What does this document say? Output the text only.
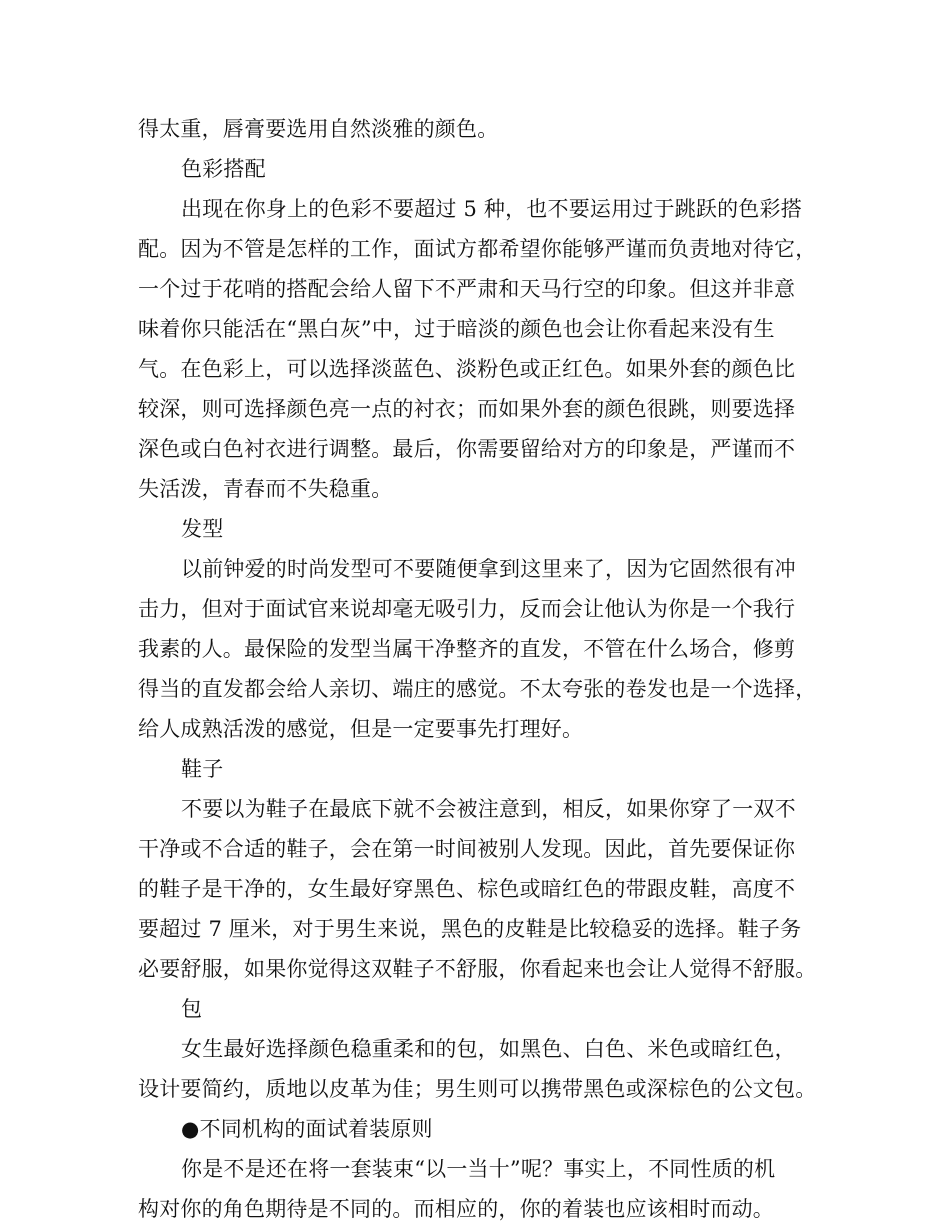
得太重，唇膏要选用自然淡雅的颜色。
色彩搭配
出现在你身上的色彩不要超过 5 种，也不要运用过于跳跃的色彩搭
配。因为不管是怎样的工作，面试方都希望你能够严谨而负责地对待它，
一个过于花哨的搭配会给人留下不严肃和天马行空的印象。但这并非意
味着你只能活在“黑白灰”中，过于暗淡的颜色也会让你看起来没有生
气。在色彩上，可以选择淡蓝色、淡粉色或正红色。如果外套的颜色比
较深，则可选择颜色亮一点的衬衣；而如果外套的颜色很跳，则要选择
深色或白色衬衣进行调整。最后，你需要留给对方的印象是，严谨而不
失活泼，青春而不失稳重。
发型
以前钟爱的时尚发型可不要随便拿到这里来了，因为它固然很有冲
击力，但对于面试官来说却毫无吸引力，反而会让他认为你是一个我行
我素的人。最保险的发型当属干净整齐的直发，不管在什么场合，修剪
得当的直发都会给人亲切、端庄的感觉。不太夸张的卷发也是一个选择，
给人成熟活泼的感觉，但是一定要事先打理好。
鞋子
不要以为鞋子在最底下就不会被注意到，相反，如果你穿了一双不
干净或不合适的鞋子，会在第一时间被别人发现。因此，首先要保证你
的鞋子是干净的，女生最好穿黑色、棕色或暗红色的带跟皮鞋，高度不
要超过 7 厘米，对于男生来说，黑色的皮鞋是比较稳妥的选择。鞋子务
必要舒服，如果你觉得这双鞋子不舒服，你看起来也会让人觉得不舒服。
包
女生最好选择颜色稳重柔和的包，如黑色、白色、米色或暗红色，
设计要简约，质地以皮革为佳；男生则可以携带黑色或深棕色的公文包。
●不同机构的面试着装原则
你是不是还在将一套装束“以一当十”呢？事实上，不同性质的机
构对你的角色期待是不同的。而相应的，你的着装也应该相时而动。
